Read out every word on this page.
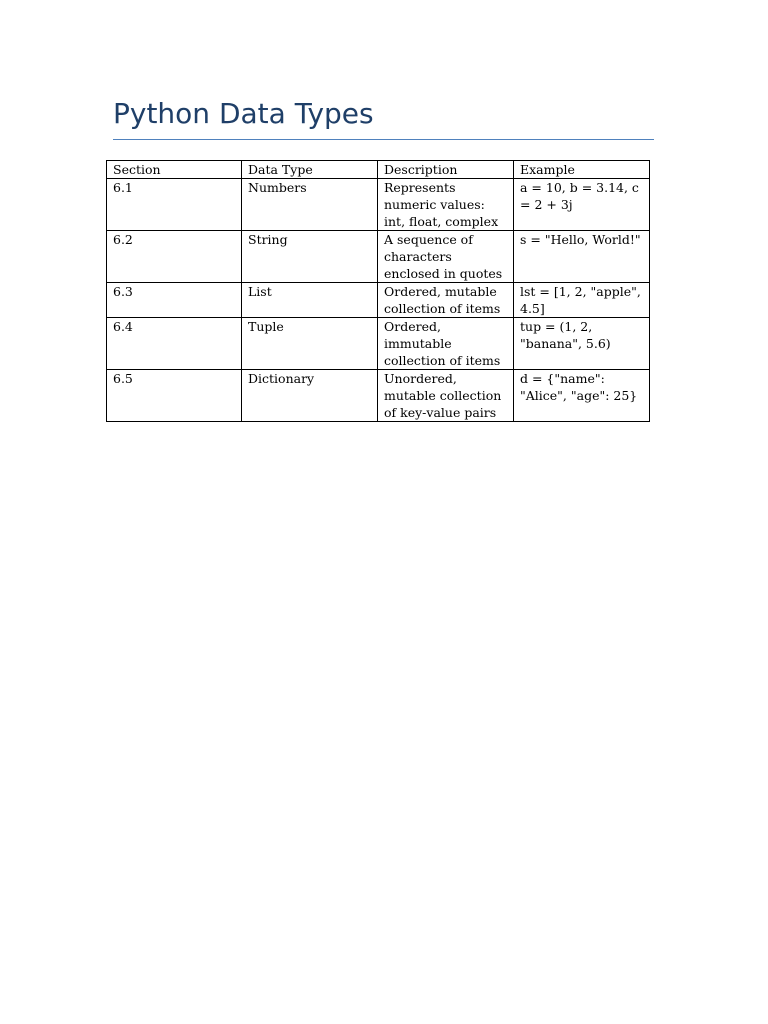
Python Data Types
Section	Data Type	Description	Example
6.1	Numbers	Represents numeric values: int, float, complex	a = 10, b = 3.14, c = 2 + 3j
6.2	String	A sequence of characters enclosed in quotes	s = "Hello, World!"
6.3	List	Ordered, mutable collection of items	lst = [1, 2, "apple", 4.5]
6.4	Tuple	Ordered, immutable collection of items	tup = (1, 2, "banana", 5.6)
6.5	Dictionary	Unordered, mutable collection of key-value pairs	d = {"name": "Alice", "age": 25}
